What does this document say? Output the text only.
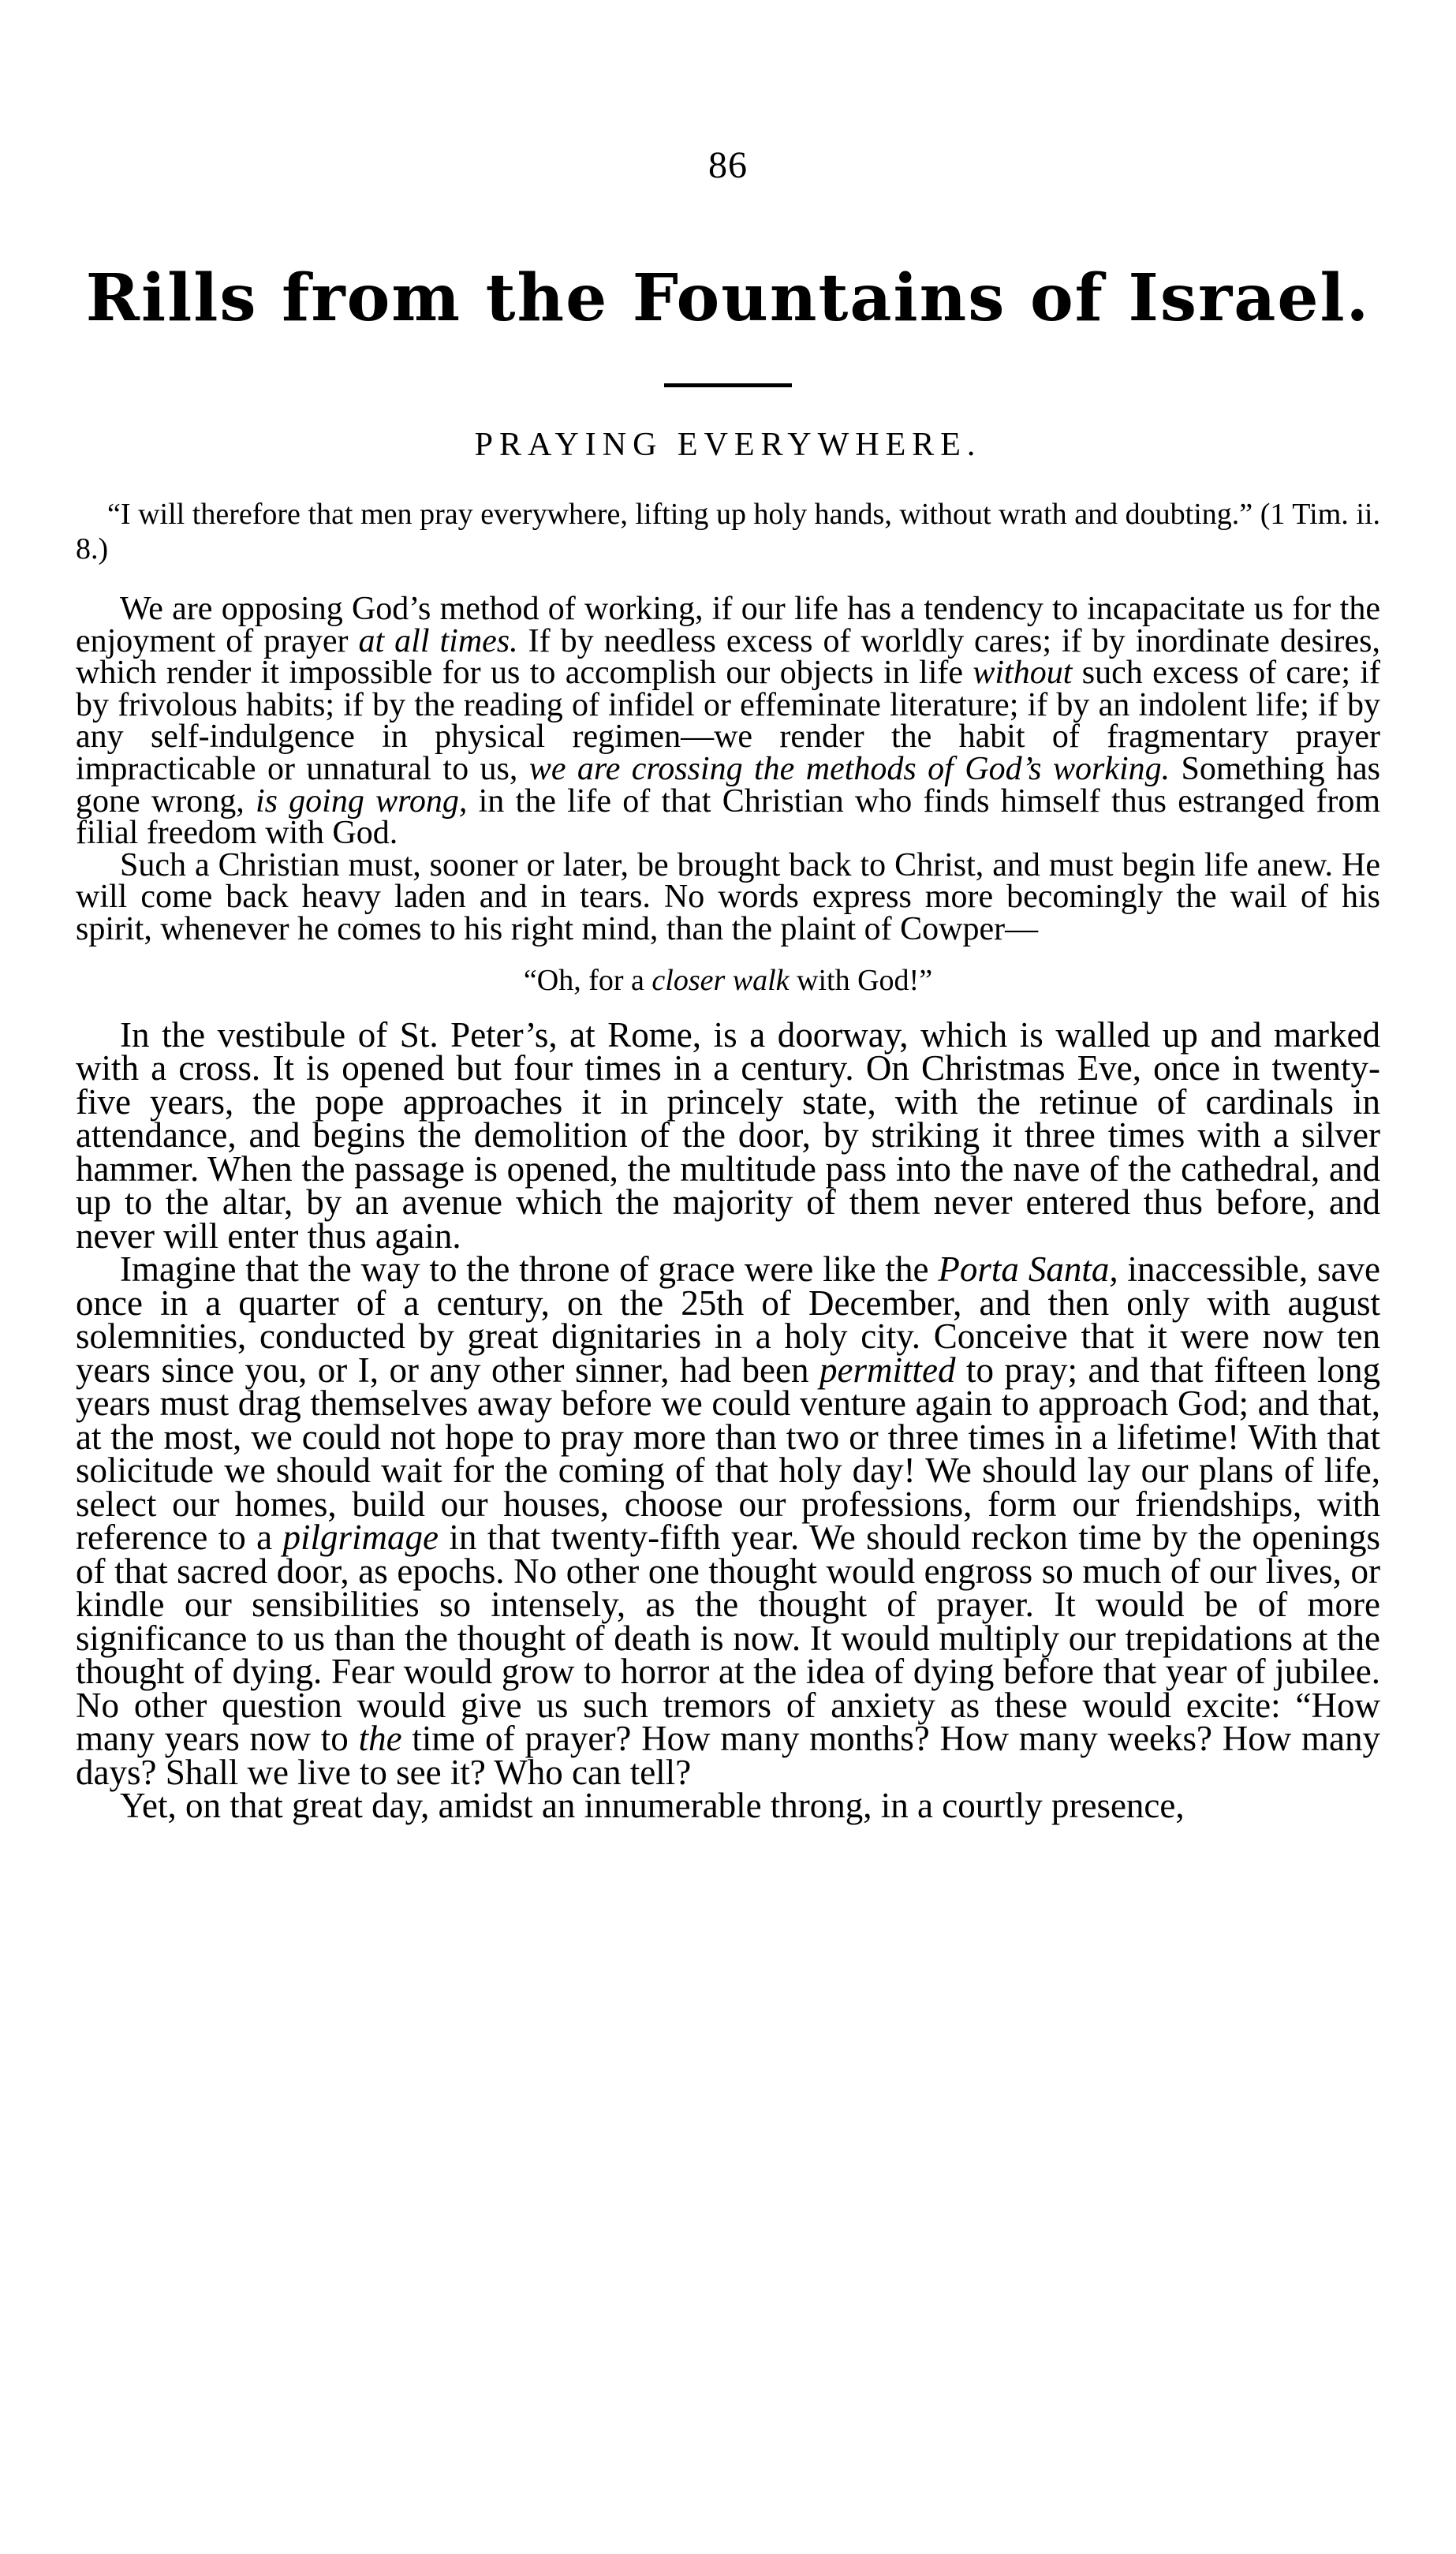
86
Rills from the Fountains of Israel.
PRAYING EVERYWHERE.
“I will therefore that men pray everywhere, lifting up holy hands, without wrath and doubting.” (1 Tim. ii. 8.)

We are opposing God’s method of working, if our life has a tendency to incapacitate us for the enjoyment of prayer at all times. If by needless excess of worldly cares; if by inordinate desires, which render it impossible for us to accomplish our objects in life without such excess of care; if by frivolous habits; if by the reading of infidel or effeminate literature; if by an indolent life; if by any self-indulgence in physical regimen—we render the habit of fragmentary prayer impracticable or unnatural to us, we are crossing the methods of God’s working. Something has gone wrong, is going wrong, in the life of that Christian who finds himself thus estranged from filial freedom with God.

Such a Christian must, sooner or later, be brought back to Christ, and must begin life anew. He will come back heavy laden and in tears. No words express more becomingly the wail of his spirit, whenever he comes to his right mind, than the plaint of Cowper—

“Oh, for a closer walk with God!”

In the vestibule of St. Peter’s, at Rome, is a doorway, which is walled up and marked with a cross. It is opened but four times in a century. On Christmas Eve, once in twenty-five years, the pope approaches it in princely state, with the retinue of cardinals in attendance, and begins the demolition of the door, by striking it three times with a silver hammer. When the passage is opened, the multitude pass into the nave of the cathedral, and up to the altar, by an avenue which the majority of them never entered thus before, and never will enter thus again.

Imagine that the way to the throne of grace were like the Porta Santa, inaccessible, save once in a quarter of a century, on the 25th of December, and then only with august solemnities, conducted by great dignitaries in a holy city. Conceive that it were now ten years since you, or I, or any other sinner, had been permitted to pray; and that fifteen long years must drag themselves away before we could venture again to approach God; and that, at the most, we could not hope to pray more than two or three times in a lifetime! With that solicitude we should wait for the coming of that holy day! We should lay our plans of life, select our homes, build our houses, choose our professions, form our friendships, with reference to a pilgrimage in that twenty-fifth year. We should reckon time by the openings of that sacred door, as epochs. No other one thought would engross so much of our lives, or kindle our sensibilities so intensely, as the thought of prayer. It would be of more significance to us than the thought of death is now. It would multiply our trepidations at the thought of dying. Fear would grow to horror at the idea of dying before that year of jubilee. No other question would give us such tremors of anxiety as these would excite: “How many years now to the time of prayer? How many months? How many weeks? How many days? Shall we live to see it? Who can tell?

Yet, on that great day, amidst an innumerable throng, in a courtly presence,
